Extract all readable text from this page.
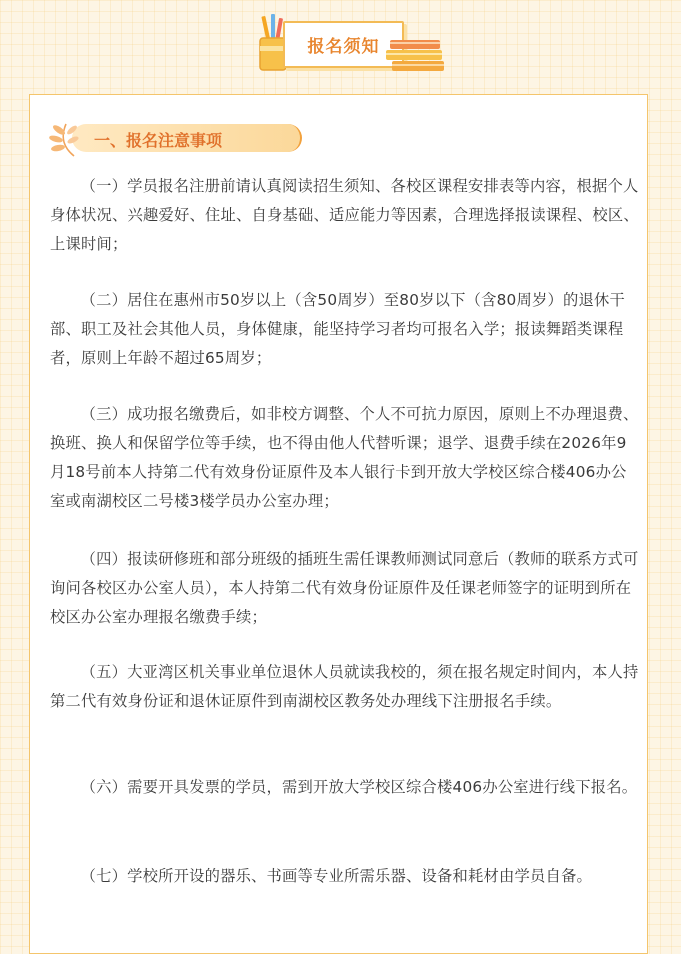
报名须知
一、报名注意事项

（一）学员报名注册前请认真阅读招生须知、各校区课程安排表等内容，根据个人身体状况、兴趣爱好、住址、自身基础、适应能力等因素，合理选择报读课程、校区、上课时间；

（二）居住在惠州市50岁以上（含50周岁）至80岁以下（含80周岁）的退休干部、职工及社会其他人员，身体健康，能坚持学习者均可报名入学；报读舞蹈类课程者，原则上年龄不超过65周岁；

（三）成功报名缴费后，如非校方调整、个人不可抗力原因，原则上不办理退费、换班、换人和保留学位等手续，也不得由他人代替听课；退学、退费手续在2026年9月18号前本人持第二代有效身份证原件及本人银行卡到开放大学校区综合楼406办公室或南湖校区二号楼3楼学员办公室办理；

（四）报读研修班和部分班级的插班生需任课教师测试同意后（教师的联系方式可询问各校区办公室人员），本人持第二代有效身份证原件及任课老师签字的证明到所在校区办公室办理报名缴费手续；

（五）大亚湾区机关事业单位退休人员就读我校的，须在报名规定时间内，本人持第二代有效身份证和退休证原件到南湖校区教务处办理线下注册报名手续。

（六）需要开具发票的学员，需到开放大学校区综合楼406办公室进行线下报名。

（七）学校所开设的器乐、书画等专业所需乐器、设备和耗材由学员自备。
